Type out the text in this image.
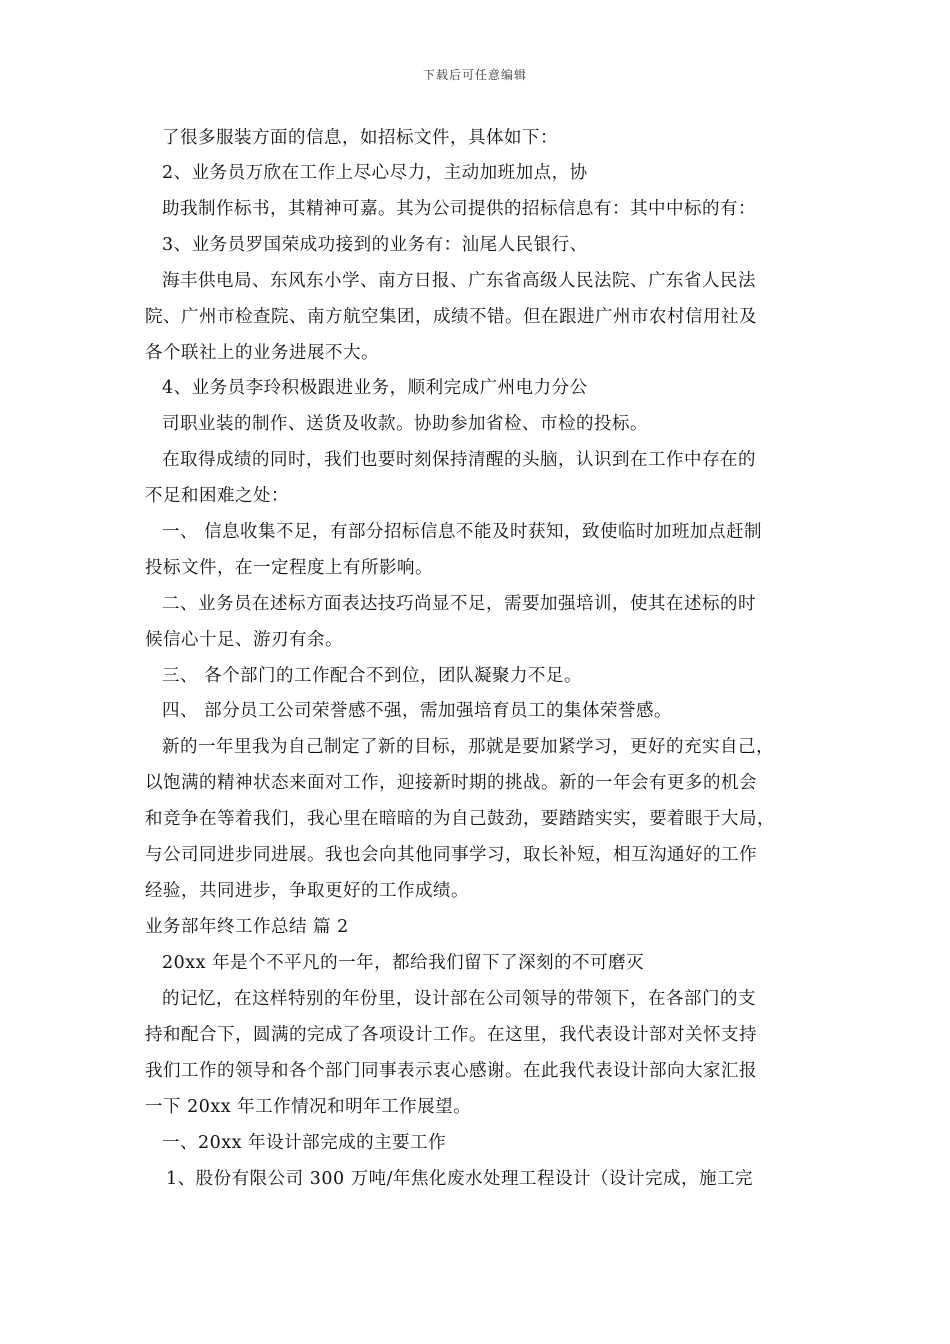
下载后可任意编辑
了很多服装方面的信息，如招标文件，具体如下：
2、业务员万欣在工作上尽心尽力，主动加班加点，协
助我制作标书，其精神可嘉。其为公司提供的招标信息有：其中中标的有：
3、业务员罗国荣成功接到的业务有：汕尾人民银行、
海丰供电局、东风东小学、南方日报、广东省高级人民法院、广东省人民法
院、广州市检查院、南方航空集团，成绩不错。但在跟进广州市农村信用社及
各个联社上的业务进展不大。
4、业务员李玲积极跟进业务，顺利完成广州电力分公
司职业装的制作、送货及收款。协助参加省检、市检的投标。
在取得成绩的同时，我们也要时刻保持清醒的头脑，认识到在工作中存在的
不足和困难之处：
一、 信息收集不足，有部分招标信息不能及时获知，致使临时加班加点赶制
投标文件，在一定程度上有所影响。
二、业务员在述标方面表达技巧尚显不足，需要加强培训，使其在述标的时
候信心十足、游刃有余。
三、 各个部门的工作配合不到位，团队凝聚力不足。
四、 部分员工公司荣誉感不强，需加强培育员工的集体荣誉感。
新的一年里我为自己制定了新的目标，那就是要加紧学习，更好的充实自己，
以饱满的精神状态来面对工作，迎接新时期的挑战。新的一年会有更多的机会
和竞争在等着我们，我心里在暗暗的为自己鼓劲，要踏踏实实，要着眼于大局，
与公司同进步同进展。我也会向其他同事学习，取长补短，相互沟通好的工作
经验，共同进步，争取更好的工作成绩。
业务部年终工作总结 篇 2
20xx 年是个不平凡的一年，都给我们留下了深刻的不可磨灭
的记忆，在这样特别的年份里，设计部在公司领导的带领下，在各部门的支
持和配合下，圆满的完成了各项设计工作。在这里，我代表设计部对关怀支持
我们工作的领导和各个部门同事表示衷心感谢。在此我代表设计部向大家汇报
一下 20xx 年工作情况和明年工作展望。
一、20xx 年设计部完成的主要工作
1、股份有限公司 300 万吨/年焦化废水处理工程设计（设计完成，施工完
